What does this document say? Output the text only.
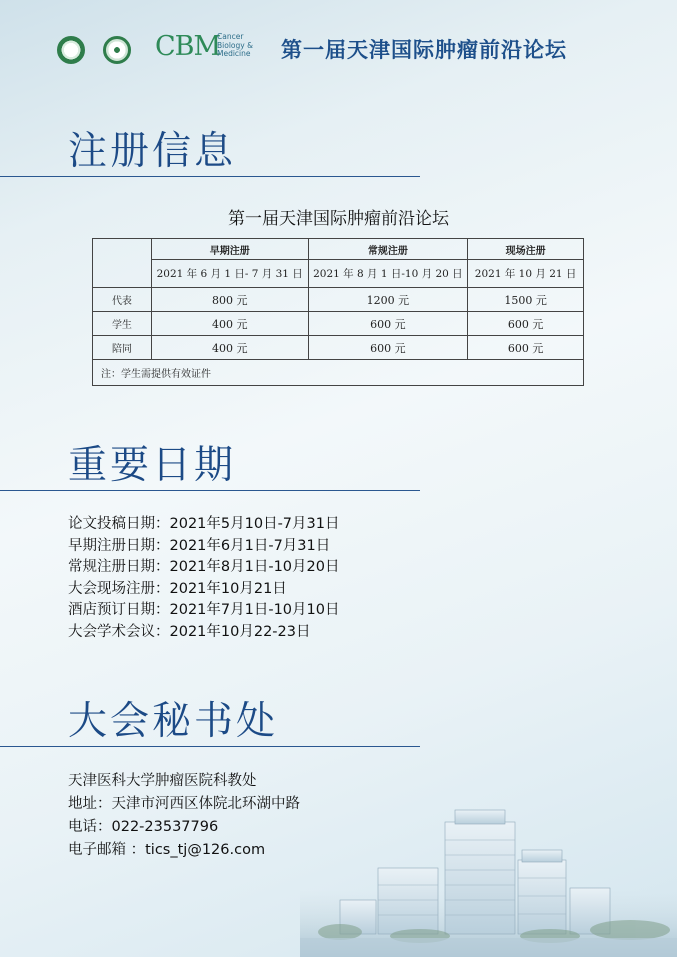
CBM
Cancer
Biology &
Medicine 第一届天津国际肿瘤前沿论坛
注册信息
第一届天津国际肿瘤前沿论坛
	早期注册	常规注册	现场注册
	2021 年 6 月 1 日- 7 月 31 日	2021 年 8 月 1 日-10 月 20 日	2021 年 10 月 21 日
代表	800 元	1200 元	1500 元
学生	400 元	600 元	600 元
陪同	400 元	600 元	600 元
注：学生需提供有效证件			
重要日期
论文投稿日期：2021年5月10日-7月31日
早期注册日期：2021年6月1日-7月31日
常规注册日期：2021年8月1日-10月20日
大会现场注册：2021年10月21日
酒店预订日期：2021年7月1日-10月10日
大会学术会议：2021年10月22-23日
大会秘书处
天津医科大学肿瘤医院科教处
地址：天津市河西区体院北环湖中路
电话：022-23537796
电子邮箱 ：tics_tj@126.com
